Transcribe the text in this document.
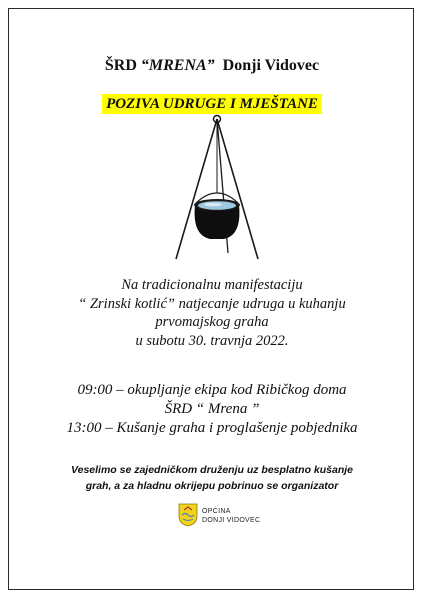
ŠRD “MRENA”  Donji Vidovec
POZIVA UDRUGE I MJEŠTANE
Na tradicionalnu manifestaciju
“ Zrinski kotlić” natjecanje udruga u kuhanju
prvomajskog graha
u subotu 30. travnja 2022.
09:00 – okupljanje ekipa kod Ribičkog doma
ŠRD “ Mrena ”
13:00 – Kušanje graha i proglašenje pobjednika
Veselimo se zajedničkom druženju uz besplatno kušanje
grah, a za hladnu okrijepu pobrinuo se organizator
OPĆINA
DONJI VIDOVEC
